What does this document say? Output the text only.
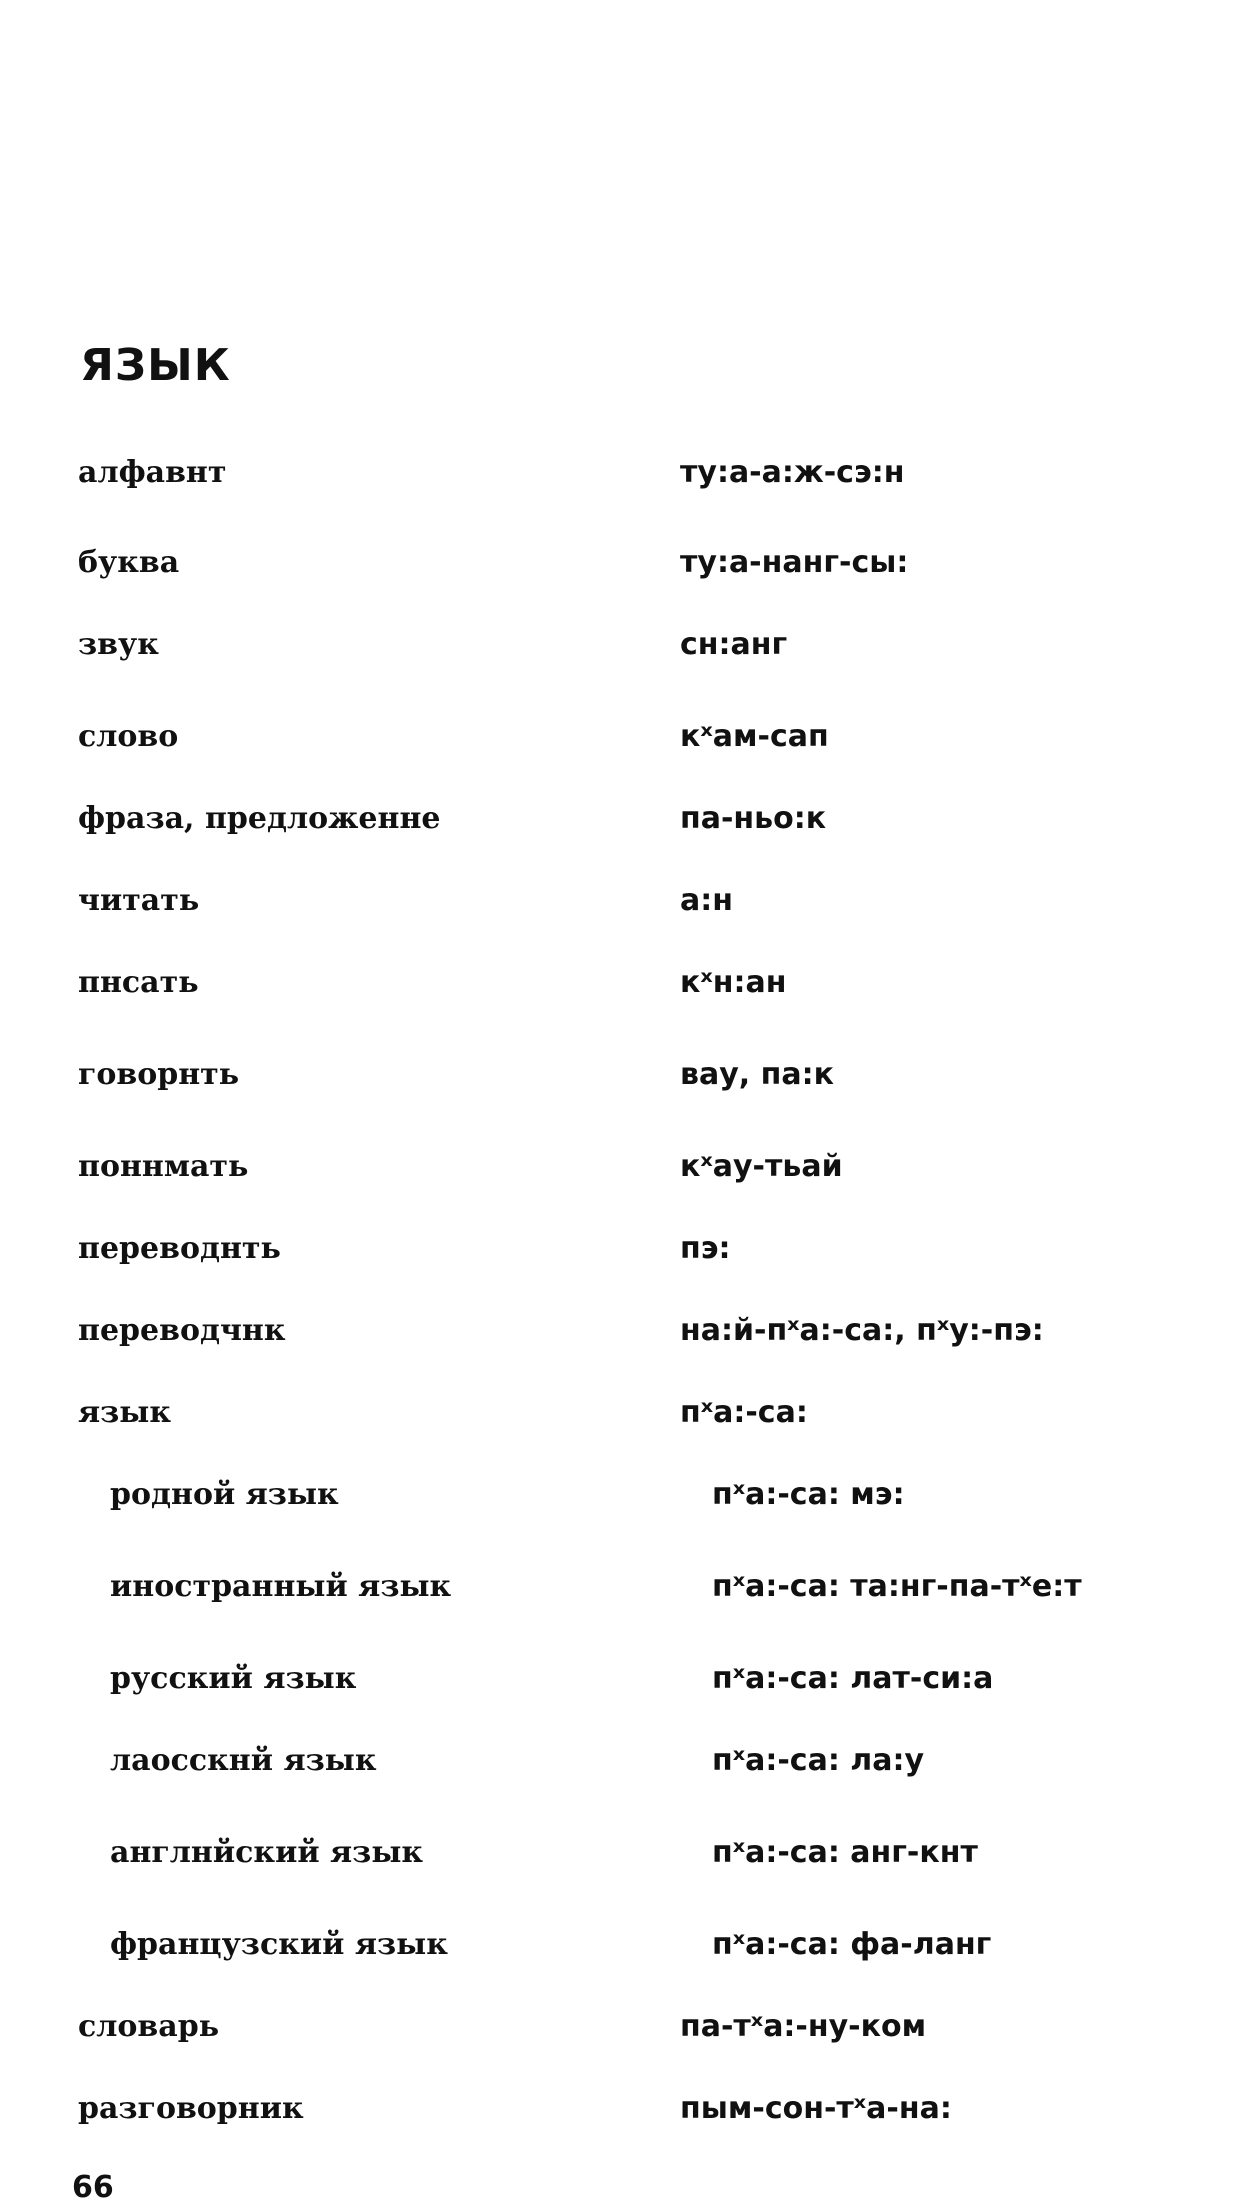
ЯЗЫК
алфавнт	ту:а-а:ж-сэ:н
буква	ту:а-нанг-сы:
звук	сн:анг
слово	кˣам-сап
фраза, предложенне	па-ньо:к
читать	а:н
пнсать	кˣн:ан
говорнть	вау, па:к
поннмать	кˣау-тьай
переводнть	пэ:
переводчнк	на:й-пˣа:-са:, пˣу:-пэ:
язык	пˣа:-са:
родной язык	пˣа:-са: мэ:
иностранный язык	пˣа:-са: та:нг-па-тˣе:т
русский язык	пˣа:-са: лат-си:а
лаосскнй язык	пˣа:-са: ла:у
англнйский язык	пˣа:-са: анг-кнт
французский язык	пˣа:-са: фа-ланг
словарь	па-тˣа:-ну-ком
разговорник	пым-сон-тˣа-на:
66
